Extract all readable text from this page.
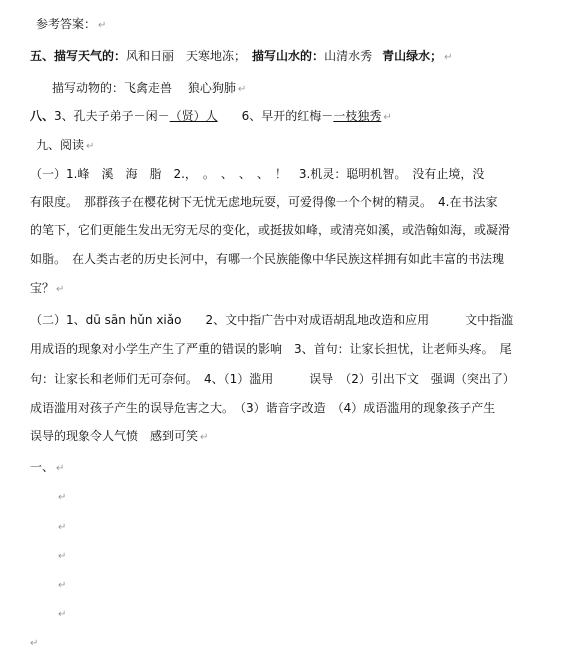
参考答案： ↵
五、描写天气的：风和日丽　天寒地冻； 描写山水的：山清水秀 青山绿水； ↵
描写动物的：飞禽走兽　 狼心狗肺 ↵
八、3、孔夫子弟子－闲－（贤）人 6、早开的红梅－一枝独秀 ↵
九、阅读 ↵
（一）1.峰　溪　海　脂　2.，　。　、　、　、　！　3.机灵：聪明机智。　没有止境，没
有限度。　那群孩子在樱花树下无忧无虑地玩耍，可爱得像一个个树的精灵。　4.在书法家
的笔下，它们更能生发出无穷无尽的变化，或挺拔如峰，或清亮如溪，或浩翰如海，或凝滑
如脂。　在人类古老的历史长河中，有哪一个民族能像中华民族这样拥有如此丰富的书法瑰
宝？ ↵
（二）1、dū sān hǔn xiǎo　　2、文中指广告中对成语胡乱地改造和应用　　　文中指滥
用成语的现象对小学生产生了严重的错误的影响　3、首句：让家长担忧，让老师头疼。　尾
句：让家长和老师们无可奈何。　4、（1）滥用　　　误导　（2）引出下文　强调（突出了）
成语滥用对孩子产生的误导危害之大。　（3）谐音字改造　（4）成语滥用的现象孩子产生
误导的现象令人气愤　感到可笑 ↵
一、 ↵
↵
↵
↵
↵
↵
↵
